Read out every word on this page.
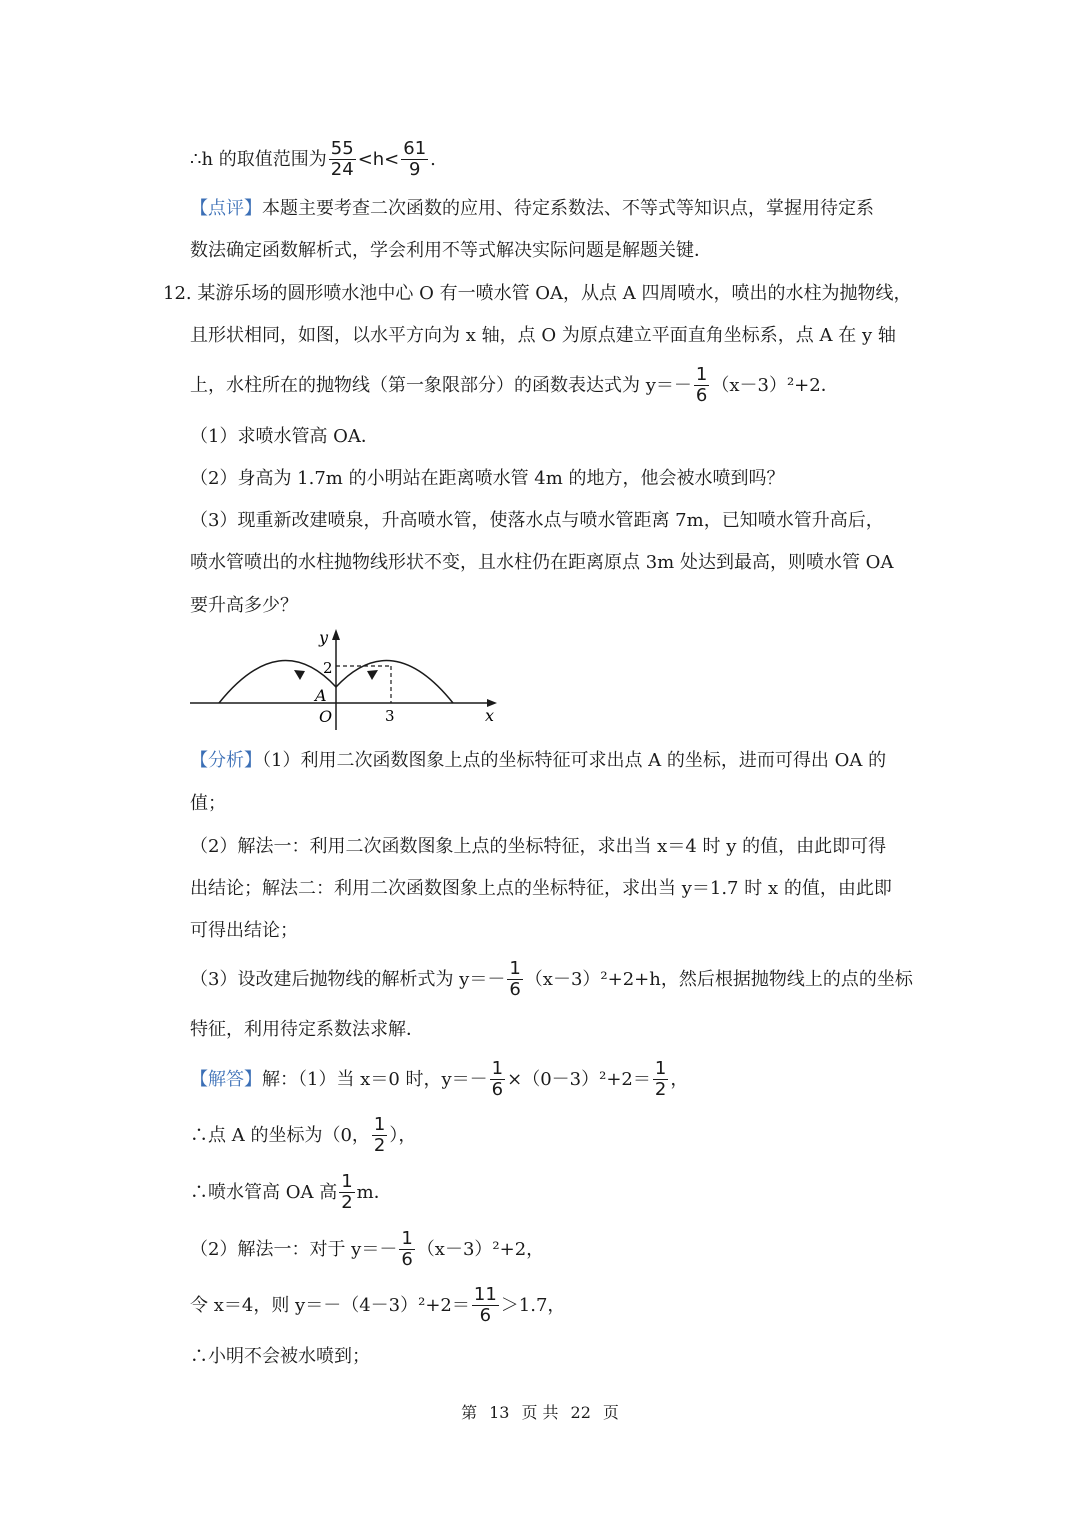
∴h 的取值范围为 $\frac{55}{24} <h< \frac{61}{9}$ .
【点评】本题主要考查二次函数的应用、待定系数法、不等式等知识点，掌握用待定系
数法确定函数解析式，学会利用不等式解决实际问题是解题关键．
12. 某游乐场的圆形喷水池中心 O 有一喷水管 OA，从点 A 四周喷水，喷出的水柱为抛物线，
且形状相同，如图，以水平方向为 x 轴，点 O 为原点建立平面直角坐标系，点 A 在 y 轴
上，水柱所在的抛物线（第一象限部分）的函数表达式为 $y=- \frac{1}{6} (x-3)^2+2$．
（1）求喷水管高 OA．
（2）身高为 1.7m 的小明站在距离喷水管 4m 的地方，他会被水喷到吗？
（3）现重新改建喷泉，升高喷水管，使落水点与喷水管距离 7m，已知喷水管升高后，
喷水管喷出的水柱抛物线形状不变，且水柱仍在距离原点 3m 处达到最高，则喷水管 OA
要升高多少？
y
x
O
A
2
3
【分析】（1）利用二次函数图象上点的坐标特征可求出点 A 的坐标，进而可得出 OA 的
值；
（2）解法一：利用二次函数图象上点的坐标特征，求出当 x＝4 时 y 的值，由此即可得
出结论；解法二：利用二次函数图象上点的坐标特征，求出当 y＝1.7 时 x 的值，由此即
可得出结论；
（3）设改建后抛物线的解析式为 $y=- \frac{1}{6} (x-3)^2+2+h$，然后根据抛物线上的点的坐标
特征，利用待定系数法求解．
【解答】解：（1）当 x＝0 时，$y=- \frac{1}{6} \times(0-3)^2+2= \frac{1}{2}$ ，
∴点 A 的坐标为（0， $\frac{1}{2}$ ），
∴喷水管高 OA 高 $\frac{1}{2}$ m．
（2）解法一：对于 $y=- \frac{1}{6} (x-3)^2+2$，
令 x＝4，则 $y=-(4-3)^2+2= \frac{11}{6} >1.7$，
∴小明不会被水喷到；
第 13 页 共 22 页
